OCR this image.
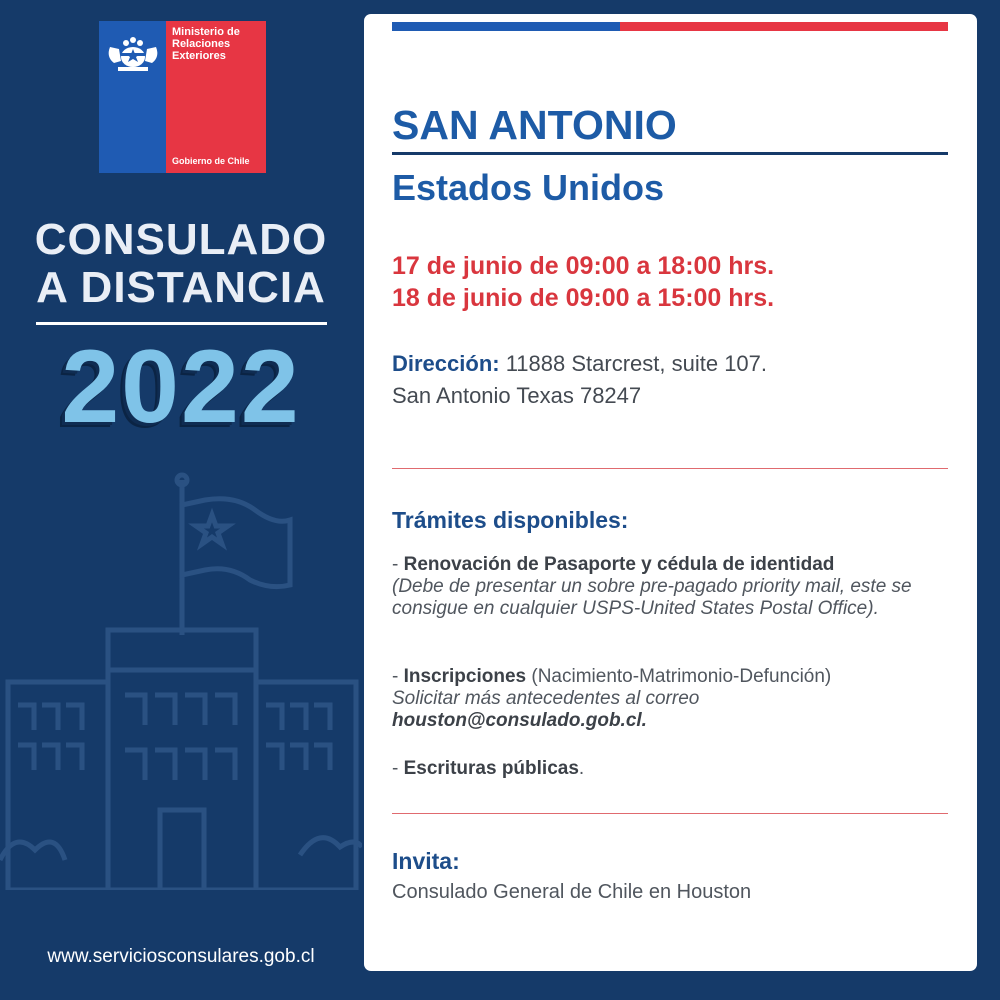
Ministerio de Relaciones Exteriores
Gobierno de Chile
CONSULADO
A DISTANCIA
2022
www.serviciosconsulares.gob.cl
SAN ANTONIO
Estados Unidos
17 de junio de 09:00 a 18:00 hrs.
18 de junio de 09:00 a 15:00 hrs.
Dirección: 11888 Starcrest, suite 107.
San Antonio Texas 78247
Trámites disponibles:
- Renovación de Pasaporte y cédula de identidad
(Debe de presentar un sobre pre-pagado priority mail, este se consigue en cualquier USPS-United States Postal Office).
- Inscripciones (Nacimiento-Matrimonio-Defunción)
Solicitar más antecedentes al correo
houston@consulado.gob.cl.
- Escrituras públicas.
Invita:
Consulado General de Chile en Houston
